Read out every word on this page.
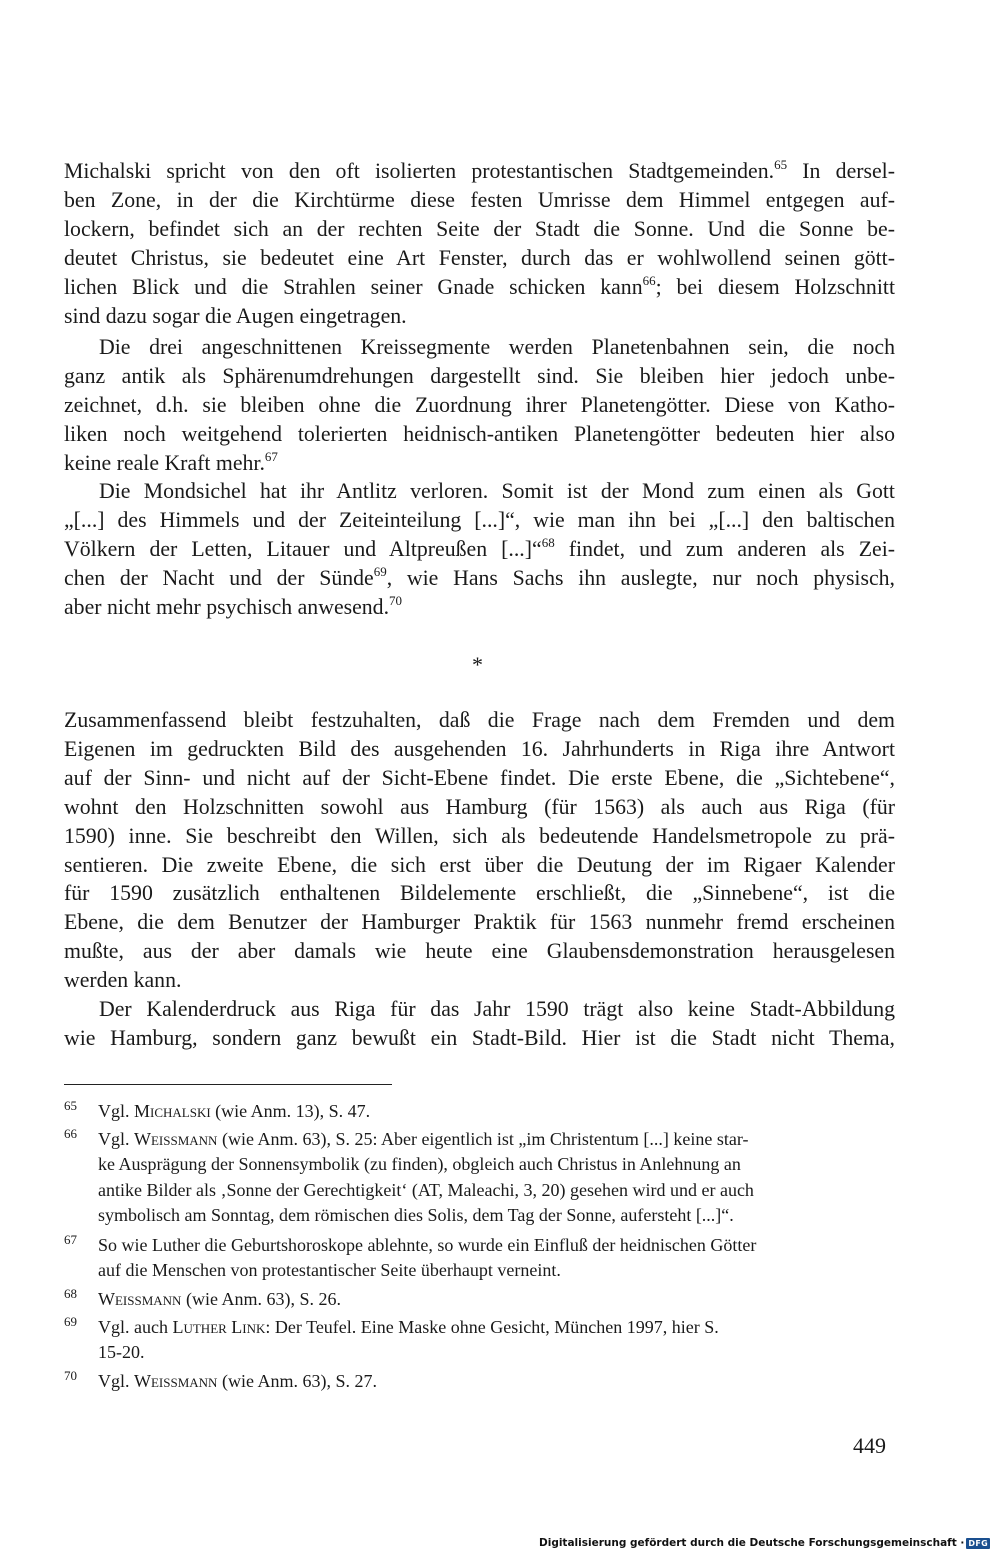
Michalski spricht von den oft isolierten protestantischen Stadtgemeinden.$^{65}$ In dersel-
ben Zone, in der die Kirchtürme diese festen Umrisse dem Himmel entgegen auf-
lockern, befindet sich an der rechten Seite der Stadt die Sonne. Und die Sonne be-
deutet Christus, sie bedeutet eine Art Fenster, durch das er wohlwollend seinen gött-
lichen Blick und die Strahlen seiner Gnade schicken kann$^{66}$; bei diesem Holzschnitt
sind dazu sogar die Augen eingetragen.
Die drei angeschnittenen Kreissegmente werden Planetenbahnen sein, die noch
ganz antik als Sphärenumdrehungen dargestellt sind. Sie bleiben hier jedoch unbe-
zeichnet, d.h. sie bleiben ohne die Zuordnung ihrer Planetengötter. Diese von Katho-
liken noch weitgehend tolerierten heidnisch-antiken Planetengötter bedeuten hier also
keine reale Kraft mehr.$^{67}$
Die Mondsichel hat ihr Antlitz verloren. Somit ist der Mond zum einen als Gott
„[...] des Himmels und der Zeiteinteilung [...]“, wie man ihn bei „[...] den baltischen
Völkern der Letten, Litauer und Altpreußen [...]“$^{68}$ findet, und zum anderen als Zei-
chen der Nacht und der Sünde$^{69}$, wie Hans Sachs ihn auslegte, nur noch physisch,
aber nicht mehr psychisch anwesend.$^{70}$
*
Zusammenfassend bleibt festzuhalten, daß die Frage nach dem Fremden und dem
Eigenen im gedruckten Bild des ausgehenden 16. Jahrhunderts in Riga ihre Antwort
auf der Sinn- und nicht auf der Sicht-Ebene findet. Die erste Ebene, die „Sichtebene“,
wohnt den Holzschnitten sowohl aus Hamburg (für 1563) als auch aus Riga (für
1590) inne. Sie beschreibt den Willen, sich als bedeutende Handelsmetropole zu prä-
sentieren. Die zweite Ebene, die sich erst über die Deutung der im Rigaer Kalender
für 1590 zusätzlich enthaltenen Bildelemente erschließt, die „Sinnebene“, ist die
Ebene, die dem Benutzer der Hamburger Praktik für 1563 nunmehr fremd erscheinen
mußte, aus der aber damals wie heute eine Glaubensdemonstration herausgelesen
werden kann.
Der Kalenderdruck aus Riga für das Jahr 1590 trägt also keine Stadt-Abbildung
wie Hamburg, sondern ganz bewußt ein Stadt-Bild. Hier ist die Stadt nicht Thema,
65 Vgl. Michalski (wie Anm. 13), S. 47.
66 Vgl. Weissmann (wie Anm. 63), S. 25: Aber eigentlich ist „im Christentum [...] keine star-
ke Ausprägung der Sonnensymbolik (zu finden), obgleich auch Christus in Anlehnung an
antike Bilder als ‚Sonne der Gerechtigkeit‘ (AT, Maleachi, 3, 20) gesehen wird und er auch
symbolisch am Sonntag, dem römischen dies Solis, dem Tag der Sonne, aufersteht [...]“.
67 So wie Luther die Geburtshoroskope ablehnte, so wurde ein Einfluß der heidnischen Götter
auf die Menschen von protestantischer Seite überhaupt verneint.
68 Weissmann (wie Anm. 63), S. 26.
69 Vgl. auch Luther Link: Der Teufel. Eine Maske ohne Gesicht, München 1997, hier S.
15-20.
70 Vgl. Weissmann (wie Anm. 63), S. 27.
449
Digitalisierung gefördert durch die Deutsche Forschungsgemeinschaft · DFG
